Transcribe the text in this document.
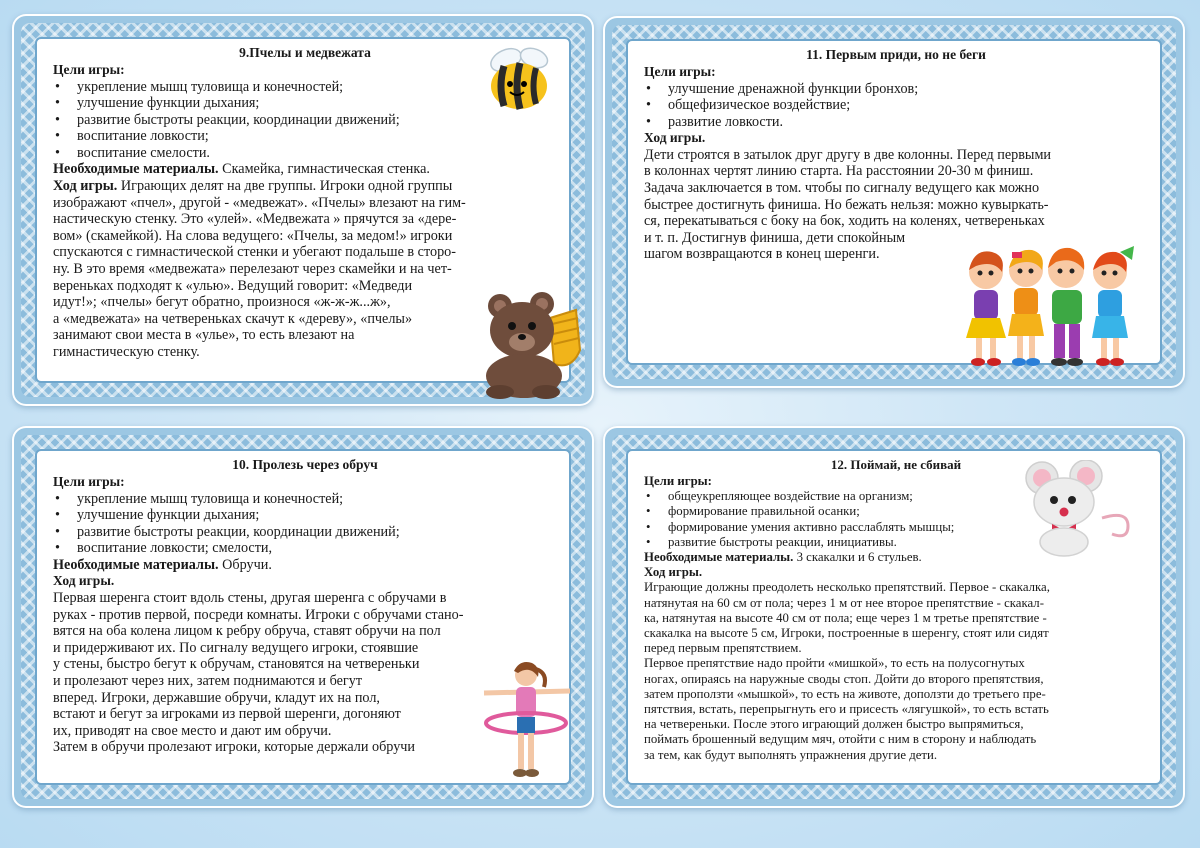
9.Пчелы и медвежата
Цели игры:
• укрепление мышц туловища и конечностей;
• улучшение функции дыхания;
• развитие быстроты реакции, координации движений;
• воспитание ловкости;
• воспитание смелости.

Необходимые материалы. Скамейка, гимнастическая стенка.

Ход игры. Играющих делят на две группы. Игроки одной группы

изображают «пчел», другой - «медвежат». «Пчелы» влезают на гим-

настическую стенку. Это «улей». «Медвежата » прячутся за «дере-

вом» (скамейкой). На слова ведущего: «Пчелы, за медом!» игроки

спускаются с гимнастической стенки и убегают подальше в сторо-

ну. В это время «медвежата» перелезают через скамейки и на чет-

вереньках подходят к «улью». Ведущий говорит: «Медведи

идут!»; «пчелы» бегут обратно, произнося «ж-ж-ж...ж»,

а «медвежата» на четвереньках скачут к «дереву», «пчелы»

занимают свои места в «улье», то есть влезают на

гимнастическую стенку.

11. Первым приди, но не беги
Цели игры:
• улучшение дренажной функции бронхов;
• общефизическое воздействие;
• развитие ловкости.
Ход игры.

Дети строятся в затылок друг другу в две колонны. Перед первыми

в колоннах чертят линию старта. На расстоянии 20-30 м финиш.

Задача заключается в том. чтобы по сигналу ведущего как можно

быстрее достигнуть финиша. Но бежать нельзя: можно кувыркать-

ся, перекатываться с боку на бок, ходить на коленях, четвереньках

и т. п. Достигнув финиша, дети спокойным

шагом возвращаются в конец шеренги.

10. Пролезь через обруч
Цели игры:
• укрепление мышц туловища и конечностей;
• улучшение функции дыхания;
• развитие быстроты реакции, координации движений;
• воспитание ловкости; смелости,

Необходимые материалы. Обручи.

Ход игры.

Первая шеренга стоит вдоль стены, другая шеренга с обручами в

руках - против первой, посреди комнаты. Игроки с обручами стано-

вятся на оба колена лицом к ребру обруча, ставят обручи на пол

и придерживают их. По сигналу ведущего игроки, стоявшие

у стены, быстро бегут к обручам, становятся на четвереньки

и пролезают через них, затем поднимаются и бегут

вперед. Игроки, державшие обручи, кладут их на пол,

встают и бегут за игроками из первой шеренги, догоняют

их, приводят на свое место и дают им обручи.

Затем в обручи пролезают игроки, которые держали обручи

12. Поймай, не сбивай
Цели игры:
• общеукрепляющее воздействие на организм;
• формирование правильной осанки;
• формирование умения активно расслаблять мышцы;
• развитие быстроты реакции, инициативы.

Необходимые материалы. 3 скакалки и 6 стульев.

Ход игры.

Играющие должны преодолеть несколько препятствий. Первое - скакалка,

натянутая на 60 см от пола; через 1 м от нее второе препятствие - скакал-

ка, натянутая на высоте 40 см от пола; еще через 1 м третье препятствие -

скакалка на высоте 5 см, Игроки, построенные в шеренгу, стоят или сидят

перед первым препятствием.

Первое препятствие надо пройти «мишкой», то есть на полусогнутых

ногах, опираясь на наружные своды стоп. Дойти до второго препятствия,

затем проползти «мышкой», то есть на животе, доползти до третьего пре-

пятствия, встать, перепрыгнуть его и присесть «лягушкой», то есть встать

на четвереньки. После этого играющий должен быстро выпрямиться,

поймать брошенный ведущим мяч, отойти с ним в сторону и наблюдать

за тем, как будут выполнять упражнения другие дети.
